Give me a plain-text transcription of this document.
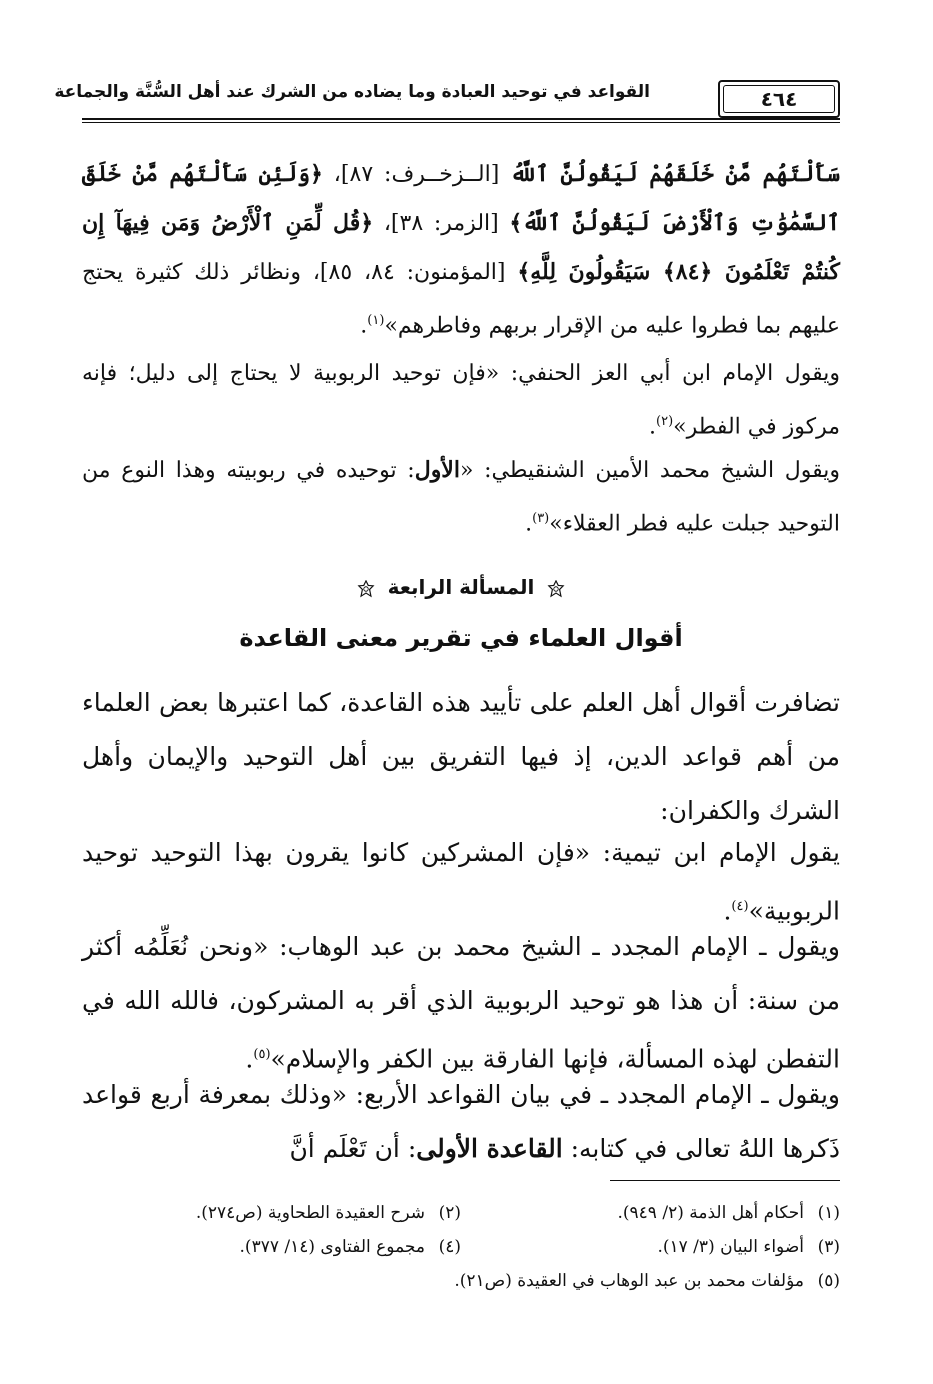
٤٦٤
القواعد في توحيد العبادة وما يضاده من الشرك عند أهل السُّنَّة والجماعة

سَأَلْتَهُم مَّنْ خَلَقَهُمْ لَيَقُولُنَّ ٱللَّهُ [الــزخــرف: ٨٧]، ﴿وَلَئِن سَأَلْتَهُم مَّنْ خَلَقَ ٱلسَّمَٰوَٰتِ وَٱلْأَرْضَ لَيَقُولُنَّ ٱللَّهُ﴾ [الزمر: ٣٨]، ﴿قُل لِّمَنِ ٱلْأَرْضُ وَمَن فِيهَآ إِن كُنتُمْ تَعْلَمُونَ ﴿٨٤﴾ سَيَقُولُونَ لِلَّهِ﴾ [المؤمنون: ٨٤، ٨٥]، ونظائر ذلك كثيرة يحتج عليهم بما فطروا عليه من الإقرار بربهم وفاطرهم»$^{(١)}$.

ويقول الإمام ابن أبي العز الحنفي: «فإن توحيد الربوبية لا يحتاج إلى دليل؛ فإنه مركوز في الفطر»$^{(٢)}$.

ويقول الشيخ محمد الأمين الشنقيطي: «الأول: توحيده في ربوبيته وهذا النوع من التوحيد جبلت عليه فطر العقلاء»$^{(٣)}$.

المسألة الرابعة
أقوال العلماء في تقرير معنى القاعدة

تضافرت أقوال أهل العلم على تأييد هذه القاعدة، كما اعتبرها بعض العلماء من أهم قواعد الدين، إذ فيها التفريق بين أهل التوحيد والإيمان وأهل الشرك والكفران:

يقول الإمام ابن تيمية: «فإن المشركين كانوا يقرون بهذا التوحيد توحيد الربوبية»$^{(٤)}$.

ويقول ـ الإمام المجدد ـ الشيخ محمد بن عبد الوهاب: «ونحن نُعَلِّمُه أكثر من سنة: أن هذا هو توحيد الربوبية الذي أقر به المشركون، فالله الله في التفطن لهذه المسألة، فإنها الفارقة بين الكفر والإسلام»$^{(٥)}$.

ويقول ـ الإمام المجدد ـ في بيان القواعد الأربع: «وذلك بمعرفة أربع قواعد ذَكرها اللهُ تعالى في كتابه: القاعدة الأولى: أن تَعْلَم أنَّ

(١)أحكام أهل الذمة (٢/ ٩٤٩).
(٢)شرح العقيدة الطحاوية (ص٢٧٤).
(٣)أضواء البيان (٣/ ١٧).
(٤)مجموع الفتاوى (١٤/ ٣٧٧).
(٥)مؤلفات محمد بن عبد الوهاب في العقيدة (ص٢١).
